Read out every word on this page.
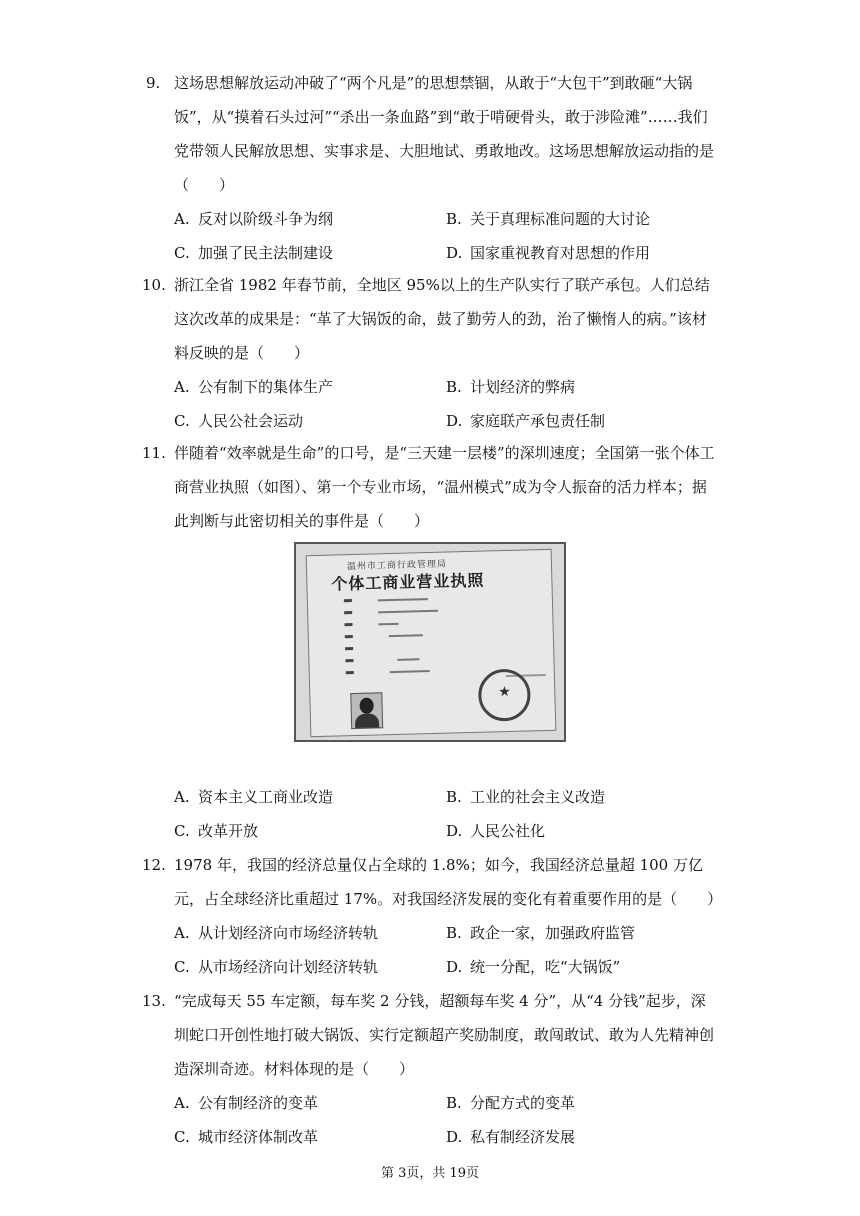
9. 这场思想解放运动冲破了“两个凡是”的思想禁锢，从敢于“大包干”到敢砸“大锅饭”，从“摸着石头过河”“杀出一条血路”到“敢于啃硬骨头，敢于涉险滩”……我们党带领人民解放思想、实事求是、大胆地试、勇敢地改。这场思想解放运动指的是（　　）
A. 反对以阶级斗争为纲	B. 关于真理标准问题的大讨论
C. 加强了民主法制建设	D. 国家重视教育对思想的作用
10. 浙江全省 1982 年春节前，全地区 95%以上的生产队实行了联产承包。人们总结这次改革的成果是：“革了大锅饭的命，鼓了勤劳人的劲，治了懒惰人的病。”该材料反映的是（　　）
A. 公有制下的集体生产	B. 计划经济的弊病
C. 人民公社会运动	D. 家庭联产承包责任制
11. 伴随着“效率就是生命”的口号，是“三天建一层楼”的深圳速度；全国第一张个体工商营业执照（如图）、第一个专业市场，“温州模式”成为令人振奋的活力样本；据此判断与此密切相关的事件是（　　）
温州市工商行政管理局
个体工商业营业执照
★
A. 资本主义工商业改造	B. 工业的社会主义改造
C. 改革开放	D. 人民公社化
12. 1978 年，我国的经济总量仅占全球的 1.8%；如今，我国经济总量超 100 万亿元，占全球经济比重超过 17%。对我国经济发展的变化有着重要作用的是（　　）
A. 从计划经济向市场经济转轨	B. 政企一家，加强政府监管
C. 从市场经济向计划经济转轨	D. 统一分配，吃“大锅饭”
13. “完成每天 55 车定额，每车奖 2 分钱，超额每车奖 4 分”，从“4 分钱”起步，深圳蛇口开创性地打破大锅饭、实行定额超产奖励制度，敢闯敢试、敢为人先精神创造深圳奇迹。材料体现的是（　　）
A. 公有制经济的变革	B. 分配方式的变革
C. 城市经济体制改革	D. 私有制经济发展
第 3页，共 19页
